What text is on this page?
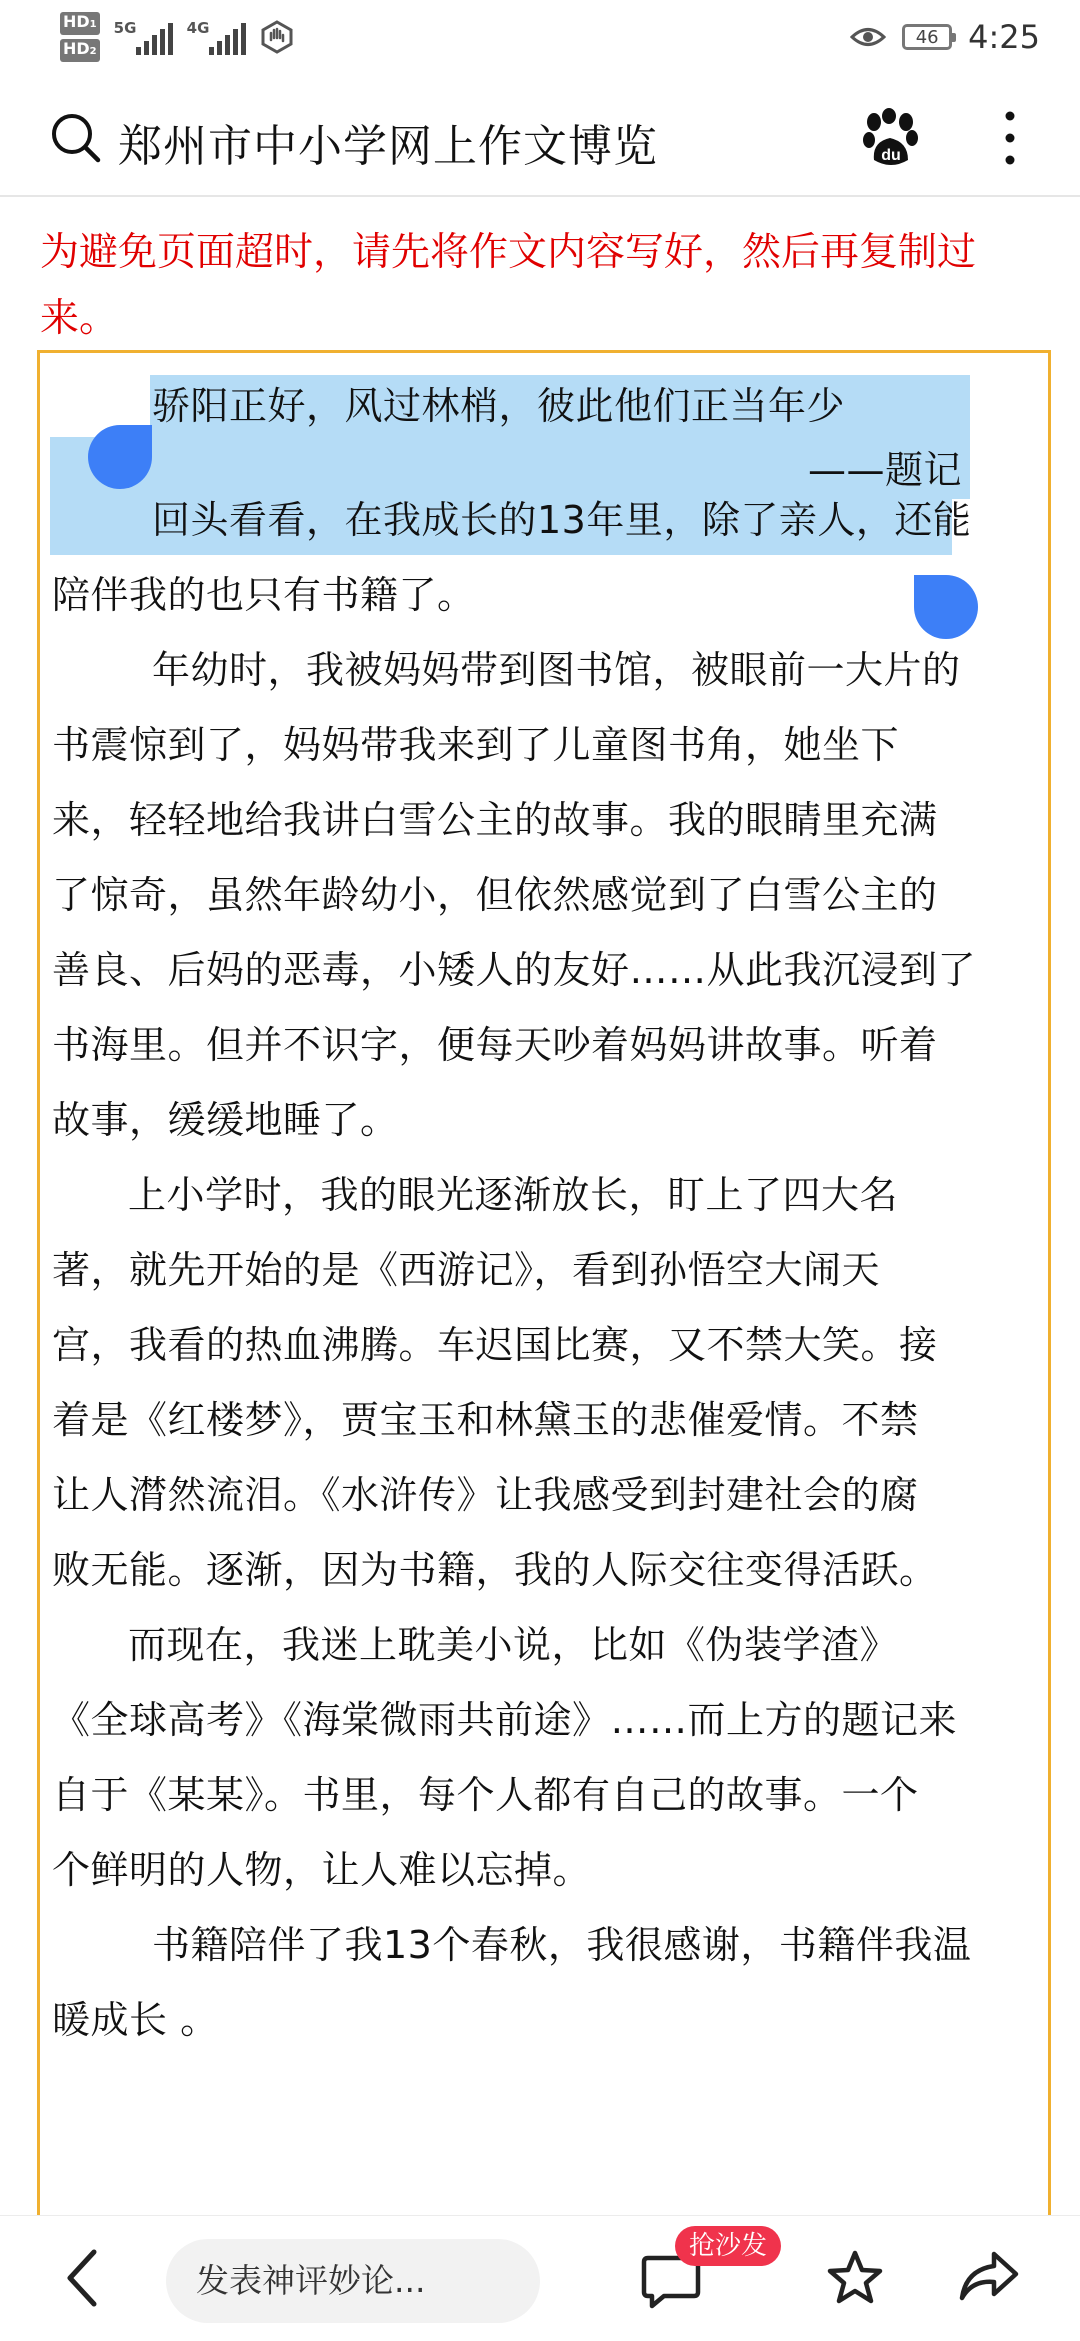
HD1
HD2
5G	4G	46 4:25
郑州市中小学网上作文博览	du
为避免页面超时，请先将作文内容写好，然后再复制过来。

骄阳正好，风过林梢，彼此他们正当年少

——题记

回头看看，在我成长的13年里，除了亲人，还能

陪伴我的也只有书籍了。

年幼时，我被妈妈带到图书馆，被眼前一大片的

书震惊到了，妈妈带我来到了儿童图书角，她坐下

来，轻轻地给我讲白雪公主的故事。我的眼睛里充满

了惊奇，虽然年龄幼小，但依然感觉到了白雪公主的

善良、后妈的恶毒，小矮人的友好……从此我沉浸到了

书海里。但并不识字，便每天吵着妈妈讲故事。听着

故事，缓缓地睡了。

上小学时，我的眼光逐渐放长，盯上了四大名

著，就先开始的是《西游记》，看到孙悟空大闹天

宫，我看的热血沸腾。车迟国比赛，又不禁大笑。接

着是《红楼梦》，贾宝玉和林黛玉的悲催爱情。不禁

让人潸然流泪。《水浒传》让我感受到封建社会的腐

败无能。逐渐，因为书籍，我的人际交往变得活跃。

而现在，我迷上耽美小说，比如《伪装学渣》

《全球高考》《海棠微雨共前途》……而上方的题记来

自于《某某》。书里，每个人都有自己的故事。一个

个鲜明的人物，让人难以忘掉。

书籍陪伴了我13个春秋，我很感谢，书籍伴我温

暖成长 。

发表神评妙论...
抢沙发
